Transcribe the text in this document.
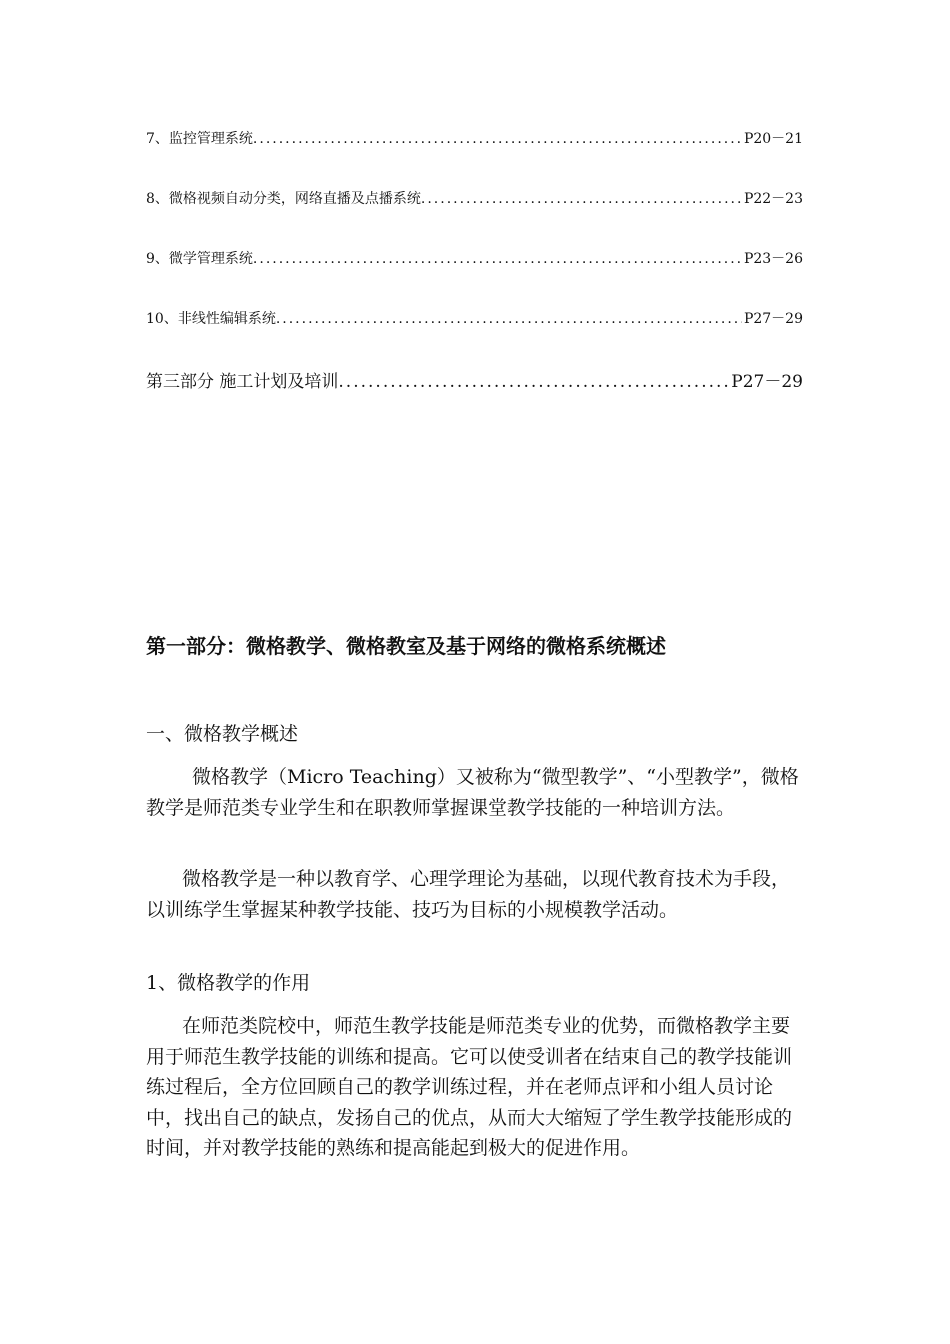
7、监控管理系统 .....	P20－21
8、微格视频自动分类，网络直播及点播系统 .....	P22－23
9、微学管理系统 .....	P23－26
10、非线性编辑系统 .....	P27－29
第三部分 施工计划及培训 .....	P27－29
第一部分：微格教学、微格教室及基于网络的微格系统概述
一、微格教学概述

微格教学（Micro Teaching）又被称为“微型教学”、“小型教学”，微格教学是师范类专业学生和在职教师掌握课堂教学技能的一种培训方法。

微格教学是一种以教育学、心理学理论为基础，以现代教育技术为手段，以训练学生掌握某种教学技能、技巧为目标的小规模教学活动。

1、微格教学的作用

在师范类院校中，师范生教学技能是师范类专业的优势，而微格教学主要用于师范生教学技能的训练和提高。它可以使受训者在结束自己的教学技能训练过程后，全方位回顾自己的教学训练过程，并在老师点评和小组人员讨论中，找出自己的缺点，发扬自己的优点，从而大大缩短了学生教学技能形成的时间，并对教学技能的熟练和提高能起到极大的促进作用。
